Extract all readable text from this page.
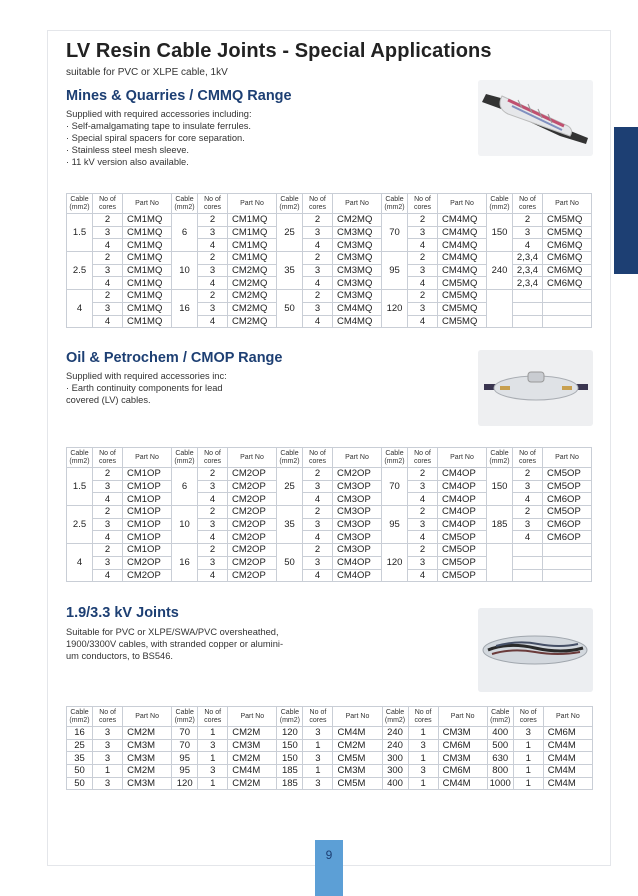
LV Resin Cable Joints - Special Applications
suitable for PVC or XLPE cable, 1kV
Mines & Quarries / CMMQ Range
Supplied with required accessories including:
· Self-amalgamating tape to insulate ferrules.
· Special spiral spacers for core separation.
· Stainless steel mesh sleeve.
· 11 kV version also available.
Cable
(mm2)	No of
cores	Part No	Cable
(mm2)	No of
cores	Part No	Cable
(mm2)	No of
cores	Part No	Cable
(mm2)	No of
cores	Part No	Cable
(mm2)	No of
cores	Part No
1.5	2	CM1MQ	6	2	CM1MQ	25	2	CM2MQ	70	2	CM4MQ	150	2	CM5MQ
	3	CM1MQ		3	CM1MQ		3	CM3MQ		3	CM4MQ		3	CM5MQ
	4	CM1MQ		4	CM1MQ		4	CM3MQ		4	CM4MQ		4	CM6MQ
2.5	2	CM1MQ	10	2	CM1MQ	35	2	CM3MQ	95	2	CM4MQ	240	2,3,4	CM6MQ
	3	CM1MQ		3	CM2MQ		3	CM3MQ		3	CM4MQ		2,3,4	CM6MQ
	4	CM1MQ		4	CM2MQ		4	CM3MQ		4	CM5MQ		2,3,4	CM6MQ
4	2	CM1MQ	16	2	CM2MQ	50	2	CM3MQ	120	2	CM5MQ			
	3	CM1MQ		3	CM2MQ		3	CM4MQ		3	CM5MQ			
	4	CM1MQ		4	CM2MQ		4	CM4MQ		4	CM5MQ			
Oil & Petrochem / CMOP Range
Supplied with required accessories inc:
· Earth continuity components for lead
covered (LV) cables.
Cable
(mm2)	No of
cores	Part No	Cable
(mm2)	No of
cores	Part No	Cable
(mm2)	No of
cores	Part No	Cable
(mm2)	No of
cores	Part No	Cable
(mm2)	No of
cores	Part No
1.5	2	CM1OP	6	2	CM2OP	25	2	CM2OP	70	2	CM4OP	150	2	CM5OP
	3	CM1OP		3	CM2OP		3	CM3OP		3	CM4OP		3	CM5OP
	4	CM1OP		4	CM2OP		4	CM3OP		4	CM4OP		4	CM6OP
2.5	2	CM1OP	10	2	CM2OP	35	2	CM3OP	95	2	CM4OP	185	2	CM5OP
	3	CM1OP		3	CM2OP		3	CM3OP		3	CM4OP		3	CM6OP
	4	CM1OP		4	CM2OP		4	CM3OP		4	CM5OP		4	CM6OP
4	2	CM1OP	16	2	CM2OP	50	2	CM3OP	120	2	CM5OP			
	3	CM2OP		3	CM2OP		3	CM4OP		3	CM5OP			
	4	CM2OP		4	CM2OP		4	CM4OP		4	CM5OP			
1.9/3.3 kV Joints
Suitable for PVC or XLPE/SWA/PVC oversheathed,
1900/3300V cables, with stranded copper or alumini-
um conductors, to BS546.
Cable
(mm2)	No of
cores	Part No	Cable
(mm2)	No of
cores	Part No	Cable
(mm2)	No of
cores	Part No	Cable
(mm2)	No of
cores	Part No	Cable
(mm2)	No of
cores	Part No
16	3	CM2M	70	1	CM2M	120	3	CM4M	240	1	CM3M	400	3	CM6M
25	3	CM3M	70	3	CM3M	150	1	CM2M	240	3	CM6M	500	1	CM4M
35	3	CM3M	95	1	CM2M	150	3	CM5M	300	1	CM3M	630	1	CM4M
50	1	CM2M	95	3	CM4M	185	1	CM3M	300	3	CM6M	800	1	CM4M
50	3	CM3M	120	1	CM2M	185	3	CM5M	400	1	CM4M	1000	1	CM4M
9
